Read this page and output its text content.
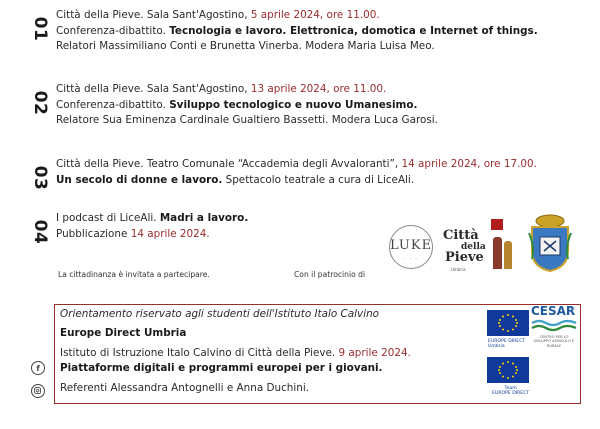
01
Città della Pieve. Sala Sant'Agostino, 5 aprile 2024, ore 11.00.
Conferenza-dibattito. Tecnologia e lavoro. Elettronica, domotica e Internet of things.
Relatori Massimiliano Conti e Brunetta Vinerba. Modera Maria Luisa Meo.
02
Città della Pieve. Sala Sant'Agostino, 13 aprile 2024, ore 11.00.
Conferenza-dibattito. Sviluppo tecnologico e nuovo Umanesimo.
Relatore Sua Eminenza Cardinale Gualtiero Bassetti. Modera Luca Garosi.
03
Città della Pieve. Teatro Comunale “Accademia degli Avvaloranti”, 14 aprile 2024, ore 17.00.
Un secolo di donne e lavoro. Spettacolo teatrale a cura di LiceAli.
04
I podcast di LiceAli. Madri a lavoro.
Pubblicazione 14 aprile 2024.
La cittadinanza è invitata a partecipare.	Con il patrocinio di
LUKE
◦ ◦ ◦
Città
della
Pieve
Umbria
f
Orientamento riservato agli studenti dell'Istituto Italo Calvino
Europe Direct Umbria
Istituto di Istruzione Italo Calvino di Città della Pieve. 9 aprile 2024.
Piattaforme digitali e programmi europei per i giovani.
Referenti Alessandra Antognelli e Anna Duchini.
EUROPE DIRECT
Umbria
Team
EUROPE DIRECT
CESAR
CENTRO PER LO SVILUPPO AGRICOLO E RURALE
